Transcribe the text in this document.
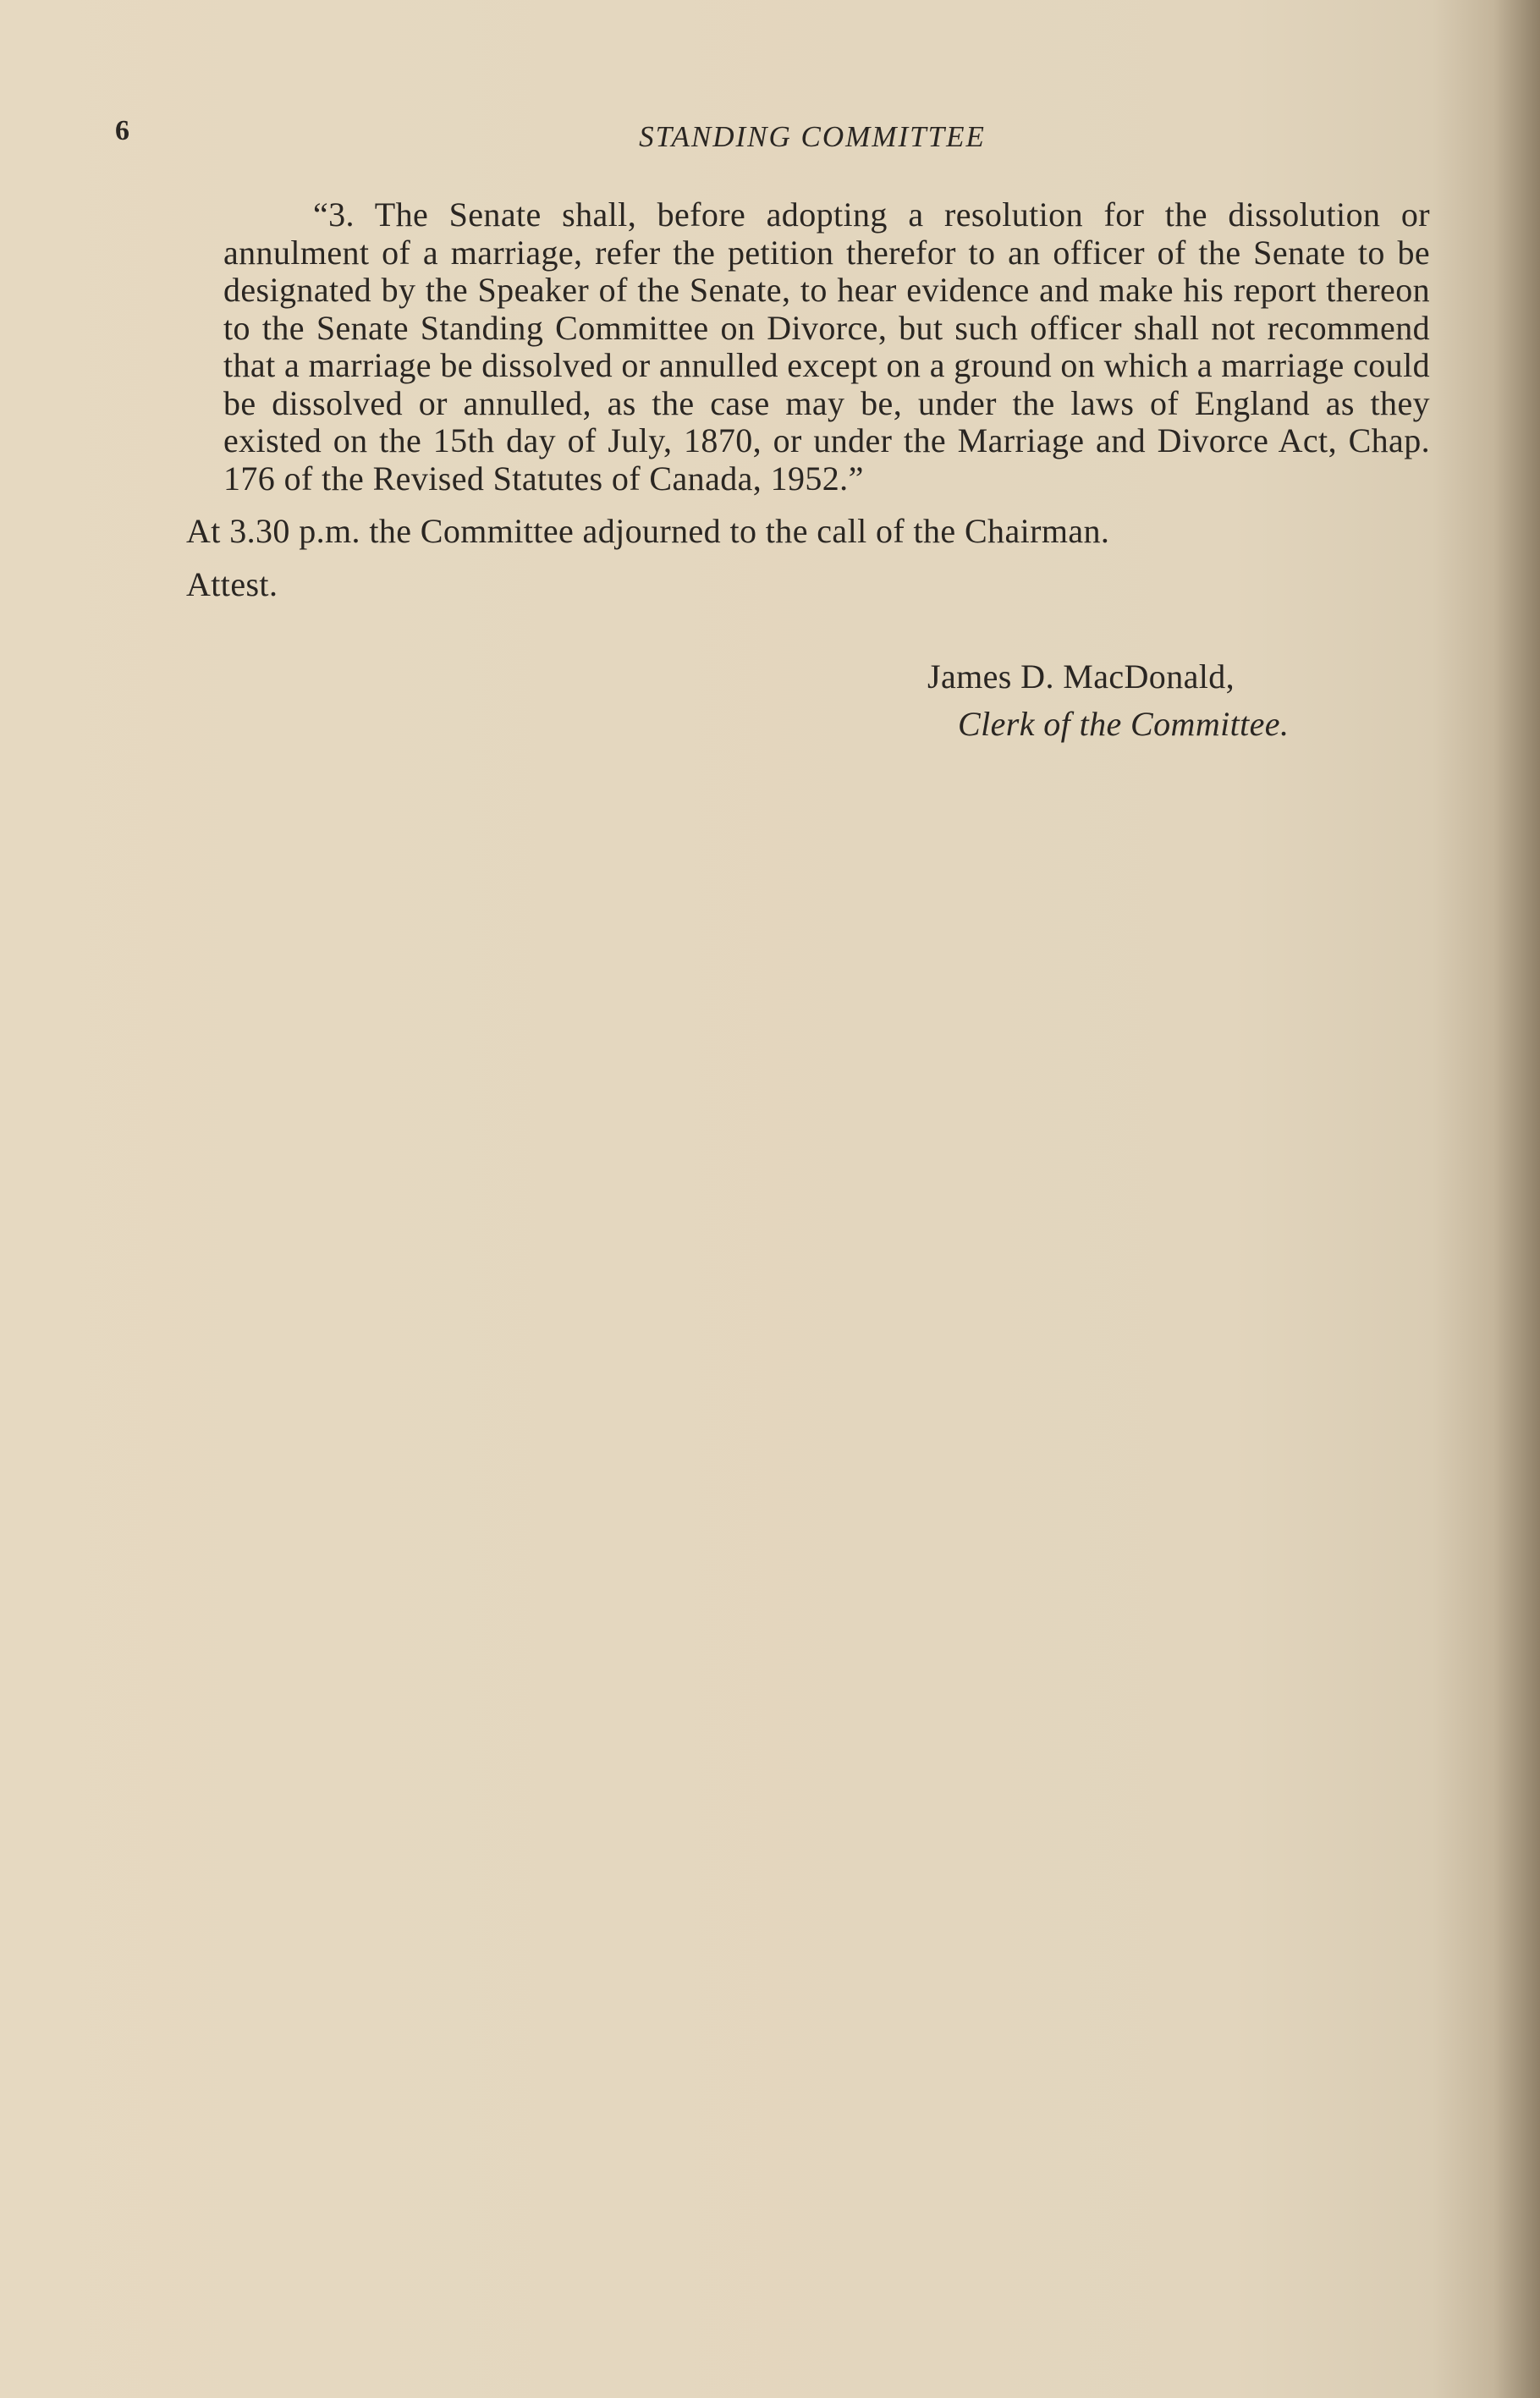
6	STANDING COMMITTEE

“3. The Senate shall, before adopting a resolution for the dissolution or annulment of a marriage, refer the petition therefor to an officer of the Senate to be designated by the Speaker of the Senate, to hear evidence and make his report thereon to the Senate Standing Committee on Divorce, but such officer shall not recommend that a marriage be dissolved or annulled except on a ground on which a marriage could be dissolved or annulled, as the case may be, under the laws of England as they existed on the 15th day of July, 1870, or under the Marriage and Divorce Act, Chap. 176 of the Revised Statutes of Canada, 1952.”

At 3.30 p.m. the Committee adjourned to the call of the Chairman.

Attest.

James D. MacDonald,
Clerk of the Committee.
